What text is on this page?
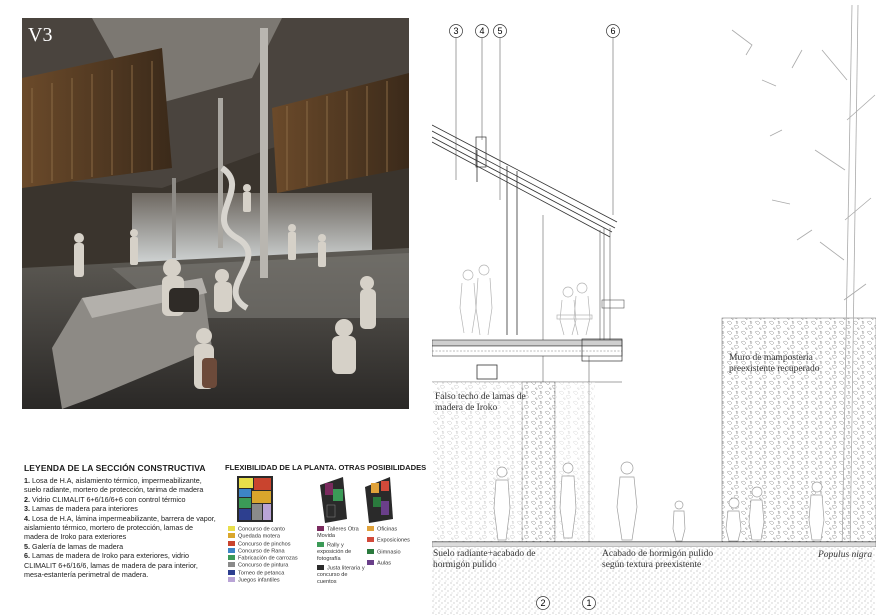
V3
LEYENDA DE LA SECCIÓN CONSTRUCTIVA
1. Losa de H.A, aislamiento térmico, impermeabilizante, suelo radiante, mortero de protección, tarima de madera
2. Vidrio CLIMALIT 6+6/16/6+6 con control térmico
3. Lamas de madera para interiores
4. Losa de H.A, lámina impermeabilizante, barrera de vapor, aislamiento térmico, mortero de protección, lamas de madera de Iroko para exteriores
5. Galería de lamas de madera
6. Lamas de madera de Iroko para exteriores, vidrio CLIMALIT 6+6/16/6, lamas de madera de para interior, mesa-estantería perimetral de madera.
FLEXIBILIDAD DE LA PLANTA. OTRAS POSIBILIDADES
Concurso de canto
Quedada motera
Concurso de pinchos
Concurso de Rana
Fabricación de carrozas
Concurso de pintura
Torneo de petanca
Juegos infantiles
Talleres Otra Movida
Rally y exposición de fotografía
Justa literaria y concurso de cuentos
Oficinas
Exposiciones
Gimnasio
Aulas
3 4 5	6
2	1
Muro de mampostería preexistente recuperado
Falso techo de lamas de madera de Iroko
Suelo radiante+acabado de hormigón pulido
Acabado de hormigón pulido según textura preexistente
Populus nigra
